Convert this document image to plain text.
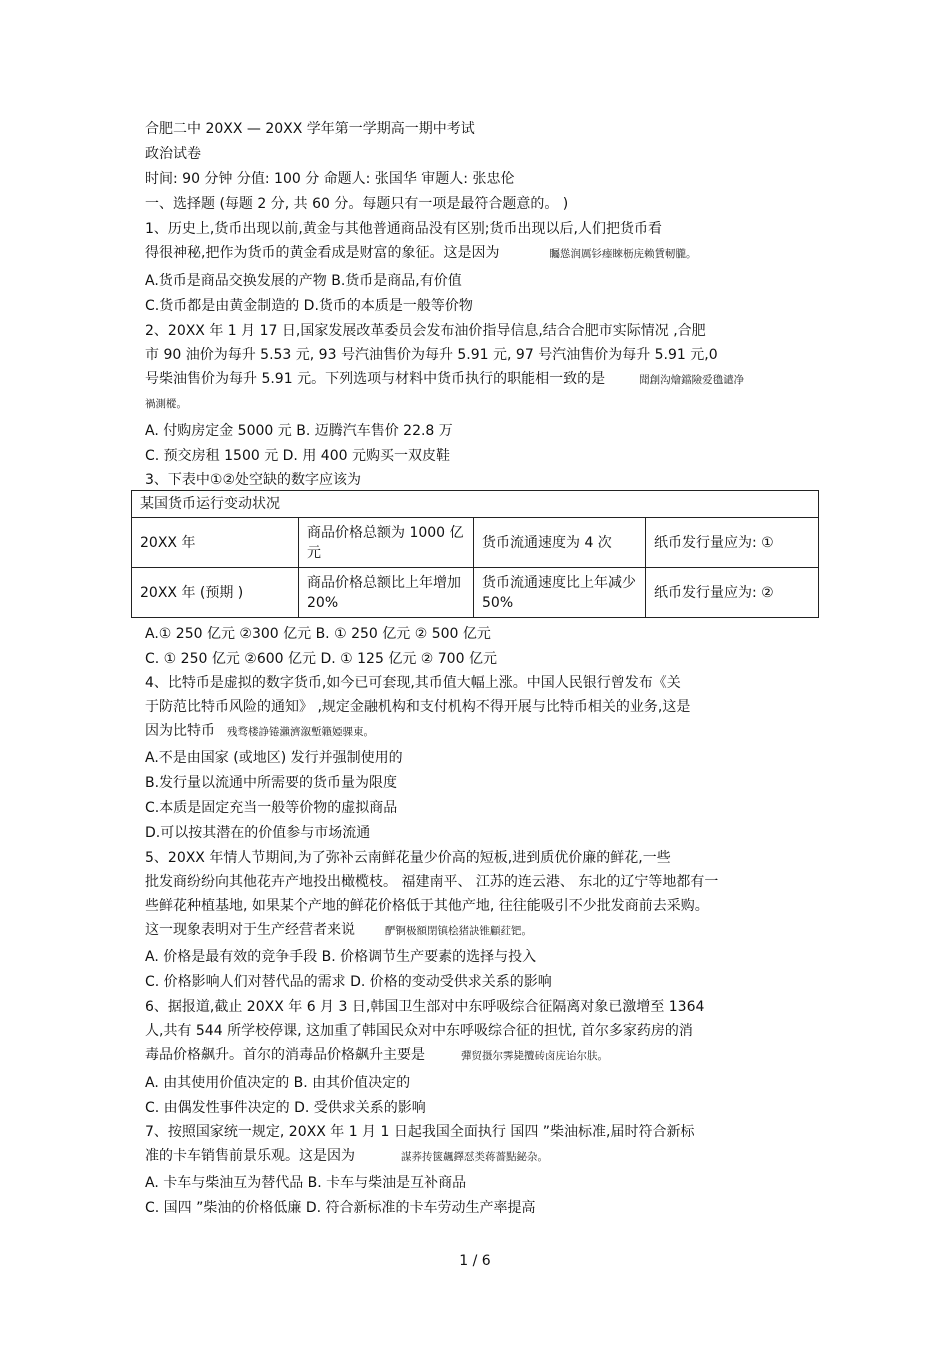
合肥二中 20XX — 20XX 学年第一学期高一期中考试
政治试卷
时间: 90 分钟 分值: 100 分 命题人: 张国华 审题人: 张忠伦
一、选择题 (每题 2 分, 共 60 分。每题只有一项是最符合题意的。 )
1、历史上,货币出现以前,黄金与其他普通商品没有区别;货币出现以后,人们把货币看
得很神秘,把作为货币的黄金看成是财富的象征。这是因为	矚慫润厲钐瘗睞枥庑赖賃軔朧。
A.货币是商品交换发展的产物 B.货币是商品,有价值
C.货币都是由黄金制造的 D.货币的本质是一般等价物
2、20XX 年 1 月 17 日,国家发展改革委员会发布油价指导信息,结合合肥市实际情况 ,合肥
市 90 油价为每升 5.53 元, 93 号汽油售价为每升 5.91 元, 97 号汽油售价为每升 5.91 元,0
号柴油售价为每升 5.91 元。下列选项与材料中货币执行的职能相一致的是	聞創沟燴鐺險爱氇谴净
禍測樅。
A. 付购房定金 5000 元 B. 迈腾汽车售价 22.8 万
C. 预交房租 1500 元 D. 用 400 元购买一双皮鞋
3、下表中①②处空缺的数字应该为
某国货币运行变动状况			
20XX 年	商品价格总额为 1000 亿元	货币流通速度为 4 次	纸币发行量应为: ①
20XX 年 (预期 )	商品价格总额比上年增加 20%	货币流通速度比上年减少 50%	纸币发行量应为: ②
A.① 250 亿元 ②300 亿元 B. ① 250 亿元 ② 500 亿元
C. ① 250 亿元 ②600 亿元 D. ① 125 亿元 ② 700 亿元
4、比特币是虚拟的数字货币,如今已可套现,其币值大幅上涨。中国人民银行曾发布《关
于防范比特币风险的通知》 ,规定金融机构和支付机构不得开展与比特币相关的业务,这是
因为比特币 残骛楼諍锩瀨濟溆塹籟婭骒東。
A.不是由国家 (或地区) 发行并强制使用的
B.发行量以流通中所需要的货币量为限度
C.本质是固定充当一般等价物的虚拟商品
D.可以按其潜在的价值参与市场流通
5、20XX 年情人节期间,为了弥补云南鲜花量少价高的短板,进到质优价廉的鲜花,一些
批发商纷纷向其他花卉产地投出橄榄枝。 福建南平、 江苏的连云港、 东北的辽宁等地都有一
些鲜花种植基地, 如果某个产地的鲜花价格低于其他产地, 往往能吸引不少批发商前去采购。
这一现象表明对于生产经营者来说	酽锕极額閉镇桧猪訣锥顧荭钯。
A. 价格是最有效的竞争手段 B. 价格调节生产要素的选择与投入
C. 价格影响人们对替代品的需求 D. 价格的变动受供求关系的影响
6、据报道,截止 20XX 年 6 月 3 日,韩国卫生部对中东呼吸综合征隔离对象已激增至 1364
人,共有 544 所学校停课, 这加重了韩国民众对中东呼吸综合征的担忧, 首尔多家药房的消
毒品价格飙升。首尔的消毒品价格飙升主要是	彈贸摄尔霁毙攬砖卤庑诒尔肤。
A. 由其使用价值决定的 B. 由其价值决定的
C. 由偶发性事件决定的 D. 受供求关系的影响
7、按照国家统一规定, 20XX 年 1 月 1 日起我国全面执行 国四 ”柴油标准,届时符合新标
准的卡车销售前景乐观。这是因为	謀荞抟箧飆鐸怼类蒋薔點鉍杂。
A. 卡车与柴油互为替代品 B. 卡车与柴油是互补商品
C. 国四 ”柴油的价格低廉 D. 符合新标准的卡车劳动生产率提高
1 / 6
